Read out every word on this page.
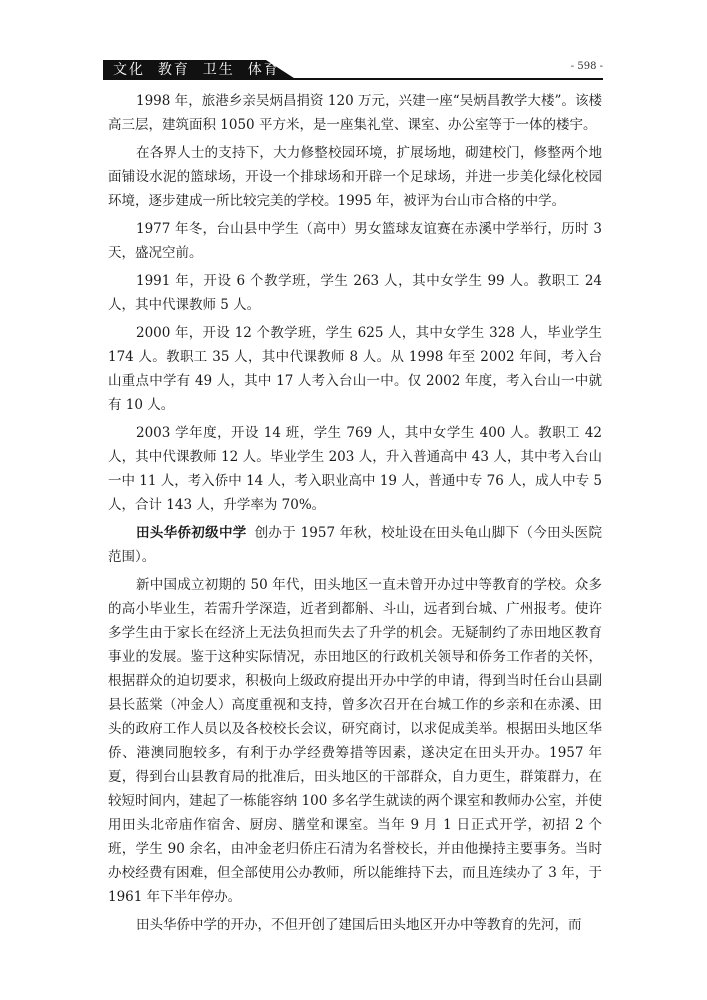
文化  教育  卫生  体育	- 598 -

1998 年，旅港乡亲吴炳昌捐资 120 万元，兴建一座“吴炳昌教学大楼”。该楼高三层，建筑面积 1050 平方米，是一座集礼堂、课室、办公室等于一体的楼宇。

在各界人士的支持下，大力修整校园环境，扩展场地，砌建校门，修整两个地面铺设水泥的篮球场，开设一个排球场和开辟一个足球场，并进一步美化绿化校园环境，逐步建成一所比较完美的学校。1995 年，被评为台山市合格的中学。

1977 年冬，台山县中学生（高中）男女篮球友谊赛在赤溪中学举行，历时 3 天，盛况空前。

1991 年，开设 6 个教学班，学生 263 人，其中女学生 99 人。教职工 24 人，其中代课教师 5 人。

2000 年，开设 12 个教学班，学生 625 人，其中女学生 328 人，毕业学生 174 人。教职工 35 人，其中代课教师 8 人。从 1998 年至 2002 年间，考入台山重点中学有 49 人，其中 17 人考入台山一中。仅 2002 年度，考入台山一中就有 10 人。

2003 学年度，开设 14 班，学生 769 人，其中女学生 400 人。教职工 42 人，其中代课教师 12 人。毕业学生 203 人，升入普通高中 43 人，其中考入台山一中 11 人，考入侨中 14 人，考入职业高中 19 人，普通中专 76 人，成人中专 5 人，合计 143 人，升学率为 70%。

田头华侨初级中学 创办于 1957 年秋，校址设在田头龟山脚下（今田头医院范围）。

新中国成立初期的 50 年代，田头地区一直未曾开办过中等教育的学校。众多的高小毕业生，若需升学深造，近者到都斛、斗山，远者到台城、广州报考。使许多学生由于家长在经济上无法负担而失去了升学的机会。无疑制约了赤田地区教育事业的发展。鉴于这种实际情况，赤田地区的行政机关领导和侨务工作者的关怀，根据群众的迫切要求，积极向上级政府提出开办中学的申请，得到当时任台山县副县长蓝棠（冲金人）高度重视和支持，曾多次召开在台城工作的乡亲和在赤溪、田头的政府工作人员以及各校校长会议，研究商讨，以求促成美举。根据田头地区华侨、港澳同胞较多，有利于办学经费筹措等因素，遂决定在田头开办。1957 年夏，得到台山县教育局的批准后，田头地区的干部群众，自力更生，群策群力，在较短时间内，建起了一栋能容纳 100 多名学生就读的两个课室和教师办公室，并使用田头北帝庙作宿舍、厨房、膳堂和课室。当年 9 月 1 日正式开学，初招 2 个班，学生 90 余名，由冲金老归侨庄石清为名誉校长，并由他操持主要事务。当时办校经费有困难，但全部使用公办教师，所以能维持下去，而且连续办了 3 年，于 1961 年下半年停办。

田头华侨中学的开办，不但开创了建国后田头地区开办中等教育的先河，而
